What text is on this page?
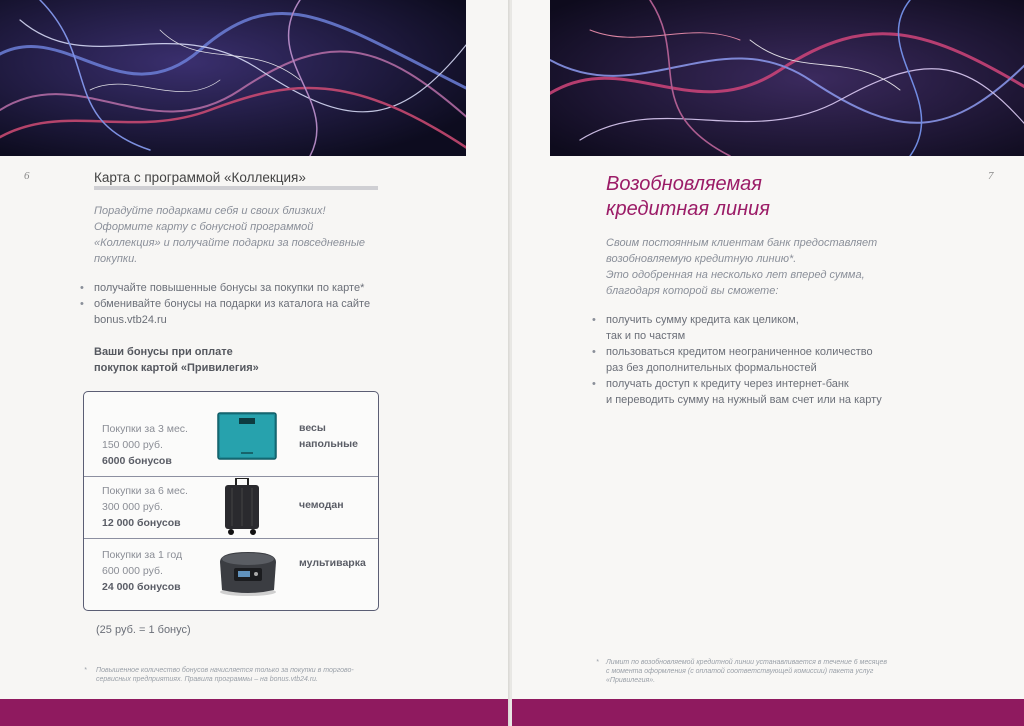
6	Карта с программой «Коллекция»
Порадуйте подарками себя и своих близких!
Оформите карту с бонусной программой
«Коллекция» и получайте подарки за повседневные
покупки.
• получайте повышенные бонусы за покупки по карте*
• обменивайте бонусы на подарки из каталога на сайте
bonus.vtb24.ru
Ваши бонусы при оплате
покупок картой «Привилегия»
Покупки за 3 мес.
150 000 руб.
6000 бонусов
весы
напольные
Покупки за 6 мес.
300 000 руб.
12 000 бонусов
чемодан
Покупки за 1 год
600 000 руб.
24 000 бонусов
мультиварка
(25 руб. = 1 бонус)
* Повышенное количество бонусов начисляется только за покупки в торгово-
сервисных предприятиях. Правила программы – на bonus.vtb24.ru.
7
Возобновляемая
кредитная линия
Своим постоянным клиентам банк предоставляет
возобновляемую кредитную линию*.
Это одобренная на несколько лет вперед сумма,
благодаря которой вы сможете:
• получить сумму кредита как целиком,
так и по частям
• пользоваться кредитом неограниченное количество
раз без дополнительных формальностей
• получать доступ к кредиту через интернет-банк
и переводить сумму на нужный вам счет или на карту
* Лимит по возобновляемой кредитной линии устанавливается в течение 6 месяцев
с момента оформления (с оплатой соответствующей комиссии) пакета услуг
«Привилегия».
